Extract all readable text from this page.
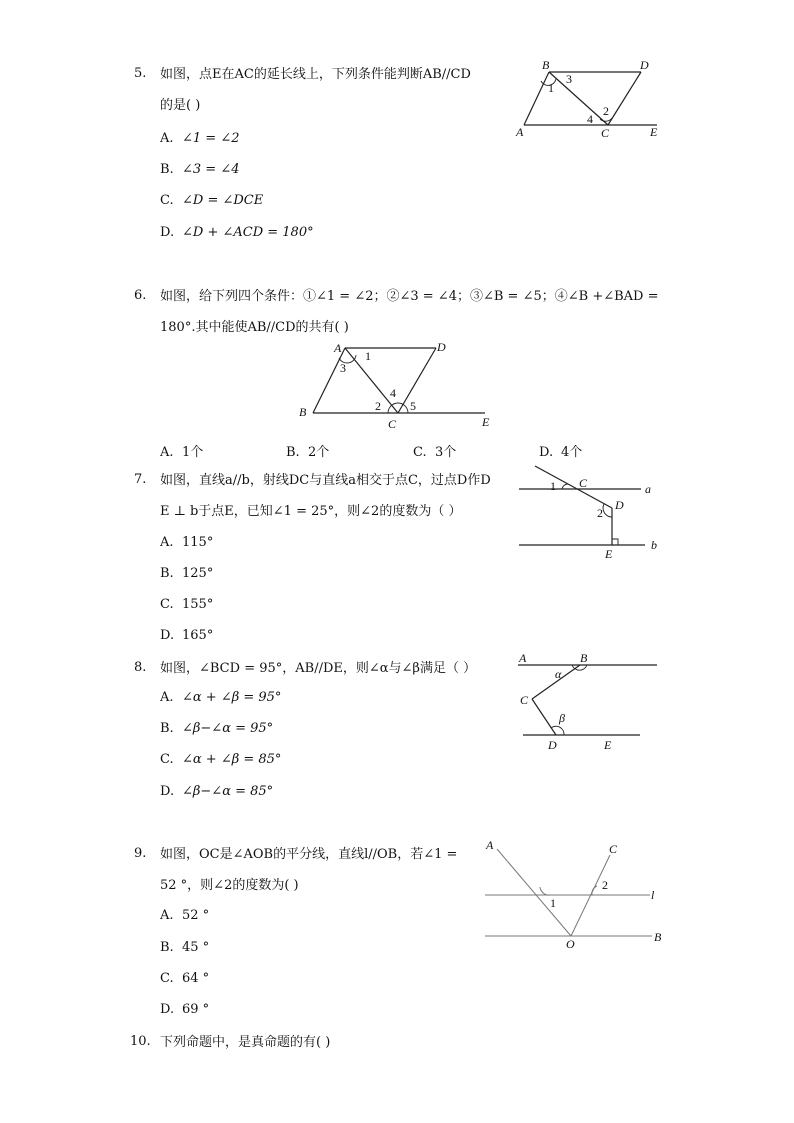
5. 如图，点E在AC的延长线上，下列条件能判断AB//CD
的是( )
A. ∠1 = ∠2
B. ∠3 = ∠4
C. ∠D = ∠DCE
D. ∠D + ∠ACD = 180°
B	D
A	C	E
1
2
3
4
6. 如图，给下列四个条件：①∠1 = ∠2；②∠3 = ∠4；③∠B = ∠5；④∠B +∠BAD =
180°.其中能使AB//CD的共有( )
A	D
B
C	E
1
2
3
4
5
A. 1个	B. 2个	C. 3个	D. 4个
7. 如图，直线a//b，射线DC与直线a相交于点C，过点D作D
E ⊥ b于点E，已知∠1 = 25°，则∠2的度数为（ ）
A. 115°
B. 125°
C. 155°
D. 165°
C	a
D
b
E
1
2
8. 如图，∠BCD = 95°，AB//DE，则∠α与∠β满足（ ）
A. ∠α + ∠β = 95°
B. ∠β−∠α = 95°
C. ∠α + ∠β = 85°
D. ∠β−∠α = 85°
A	B
C
D	E
α
β
9. 如图，OC是∠AOB的平分线，直线l//OB，若∠1 =
52 °，则∠2的度数为( )
A. 52 °
B. 45 °
C. 64 °
D. 69 °
A	C
l
B
O
1
2
10. 下列命题中，是真命题的有( )
